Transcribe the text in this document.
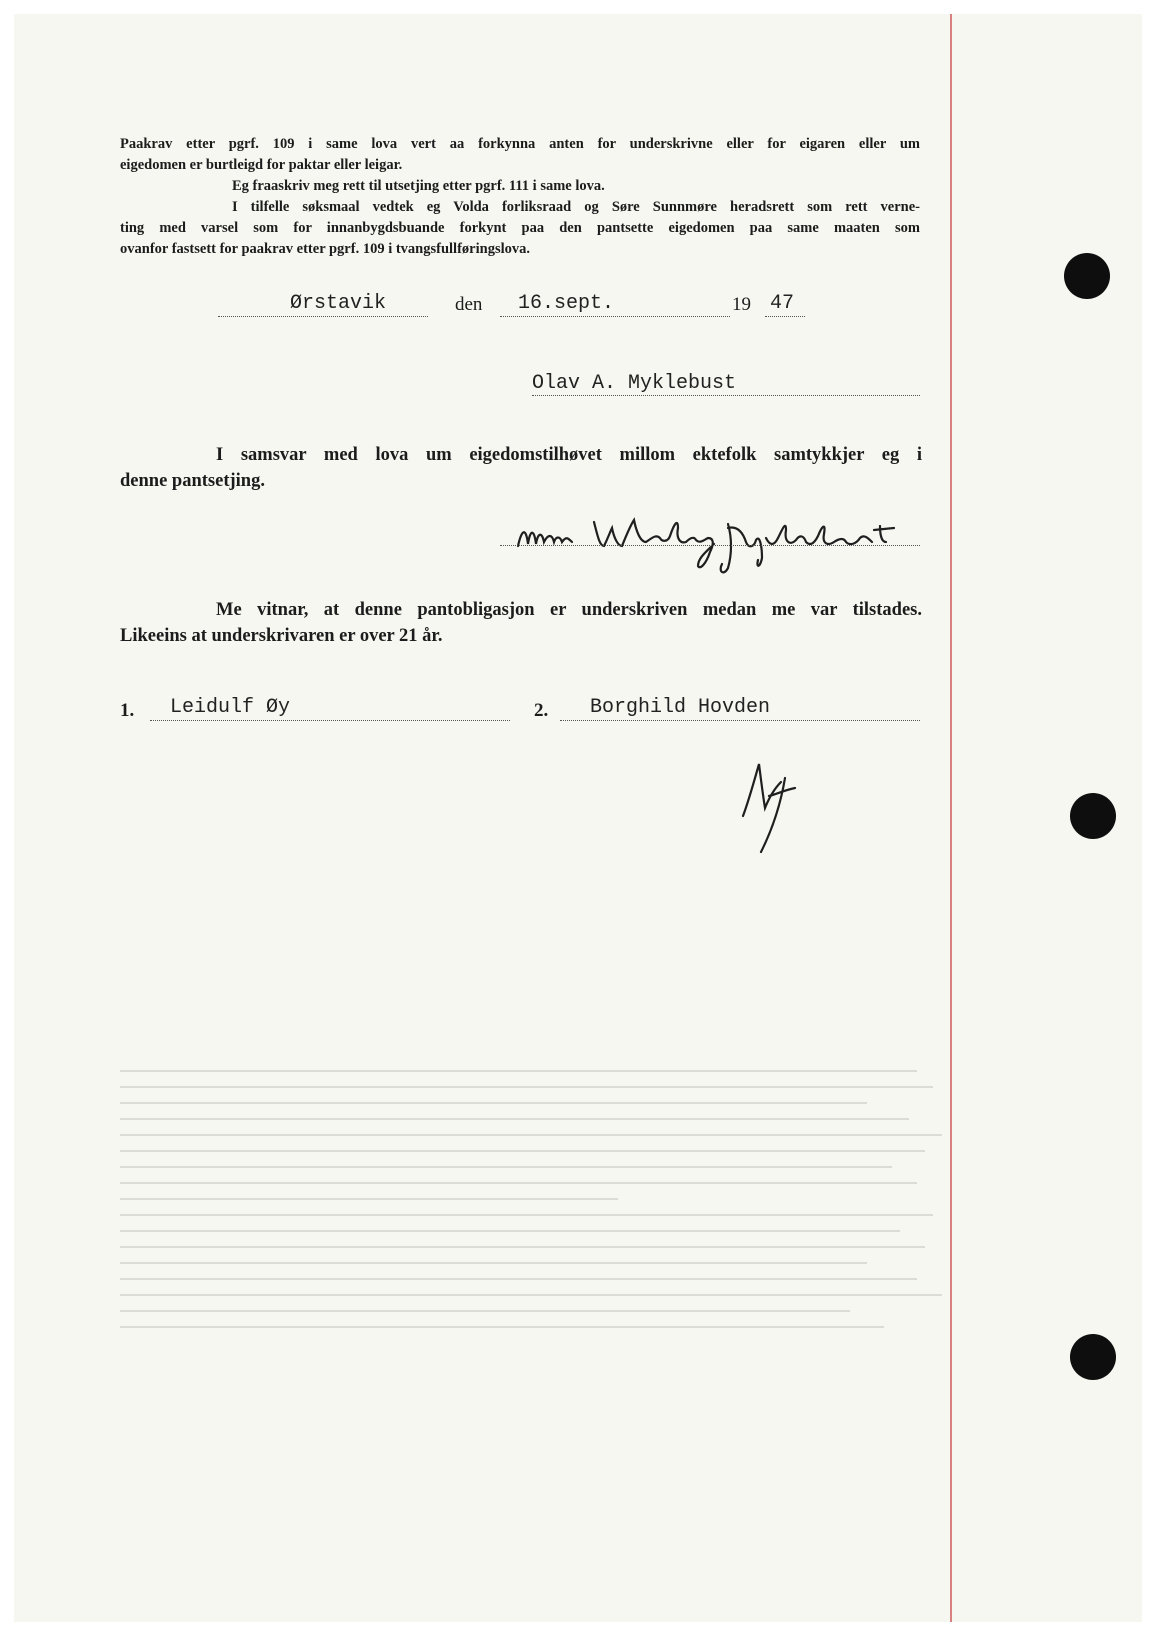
Paakrav etter pgrf. 109 i same lova vert aa forkynna anten for underskrivne eller for eigaren eller um
eigedomen er burtleigd for paktar eller leigar.
Eg fraaskriv meg rett til utsetjing etter pgrf. 111 i same lova.
I tilfelle søksmaal vedtek eg Volda forliksraad og Søre Sunnmøre heradsrett som rett verne-
ting med varsel som for innanbygdsbuande forkynt paa den pantsette eigedomen paa same maaten som
ovanfor fastsett for paakrav etter pgrf. 109 i tvangsfullføringslova.
Ørstavik	den 16.sept.	19 47
Olav A. Myklebust
I samsvar med lova um eigedomstilhøvet millom ektefolk samtykkjer eg i
denne pantsetjing.
Me vitnar, at denne pantobligasjon er underskriven medan me var tilstades.
Likeeins at underskrivaren er over 21 år.
1. Leidulf Øy	2. Borghild Hovden
